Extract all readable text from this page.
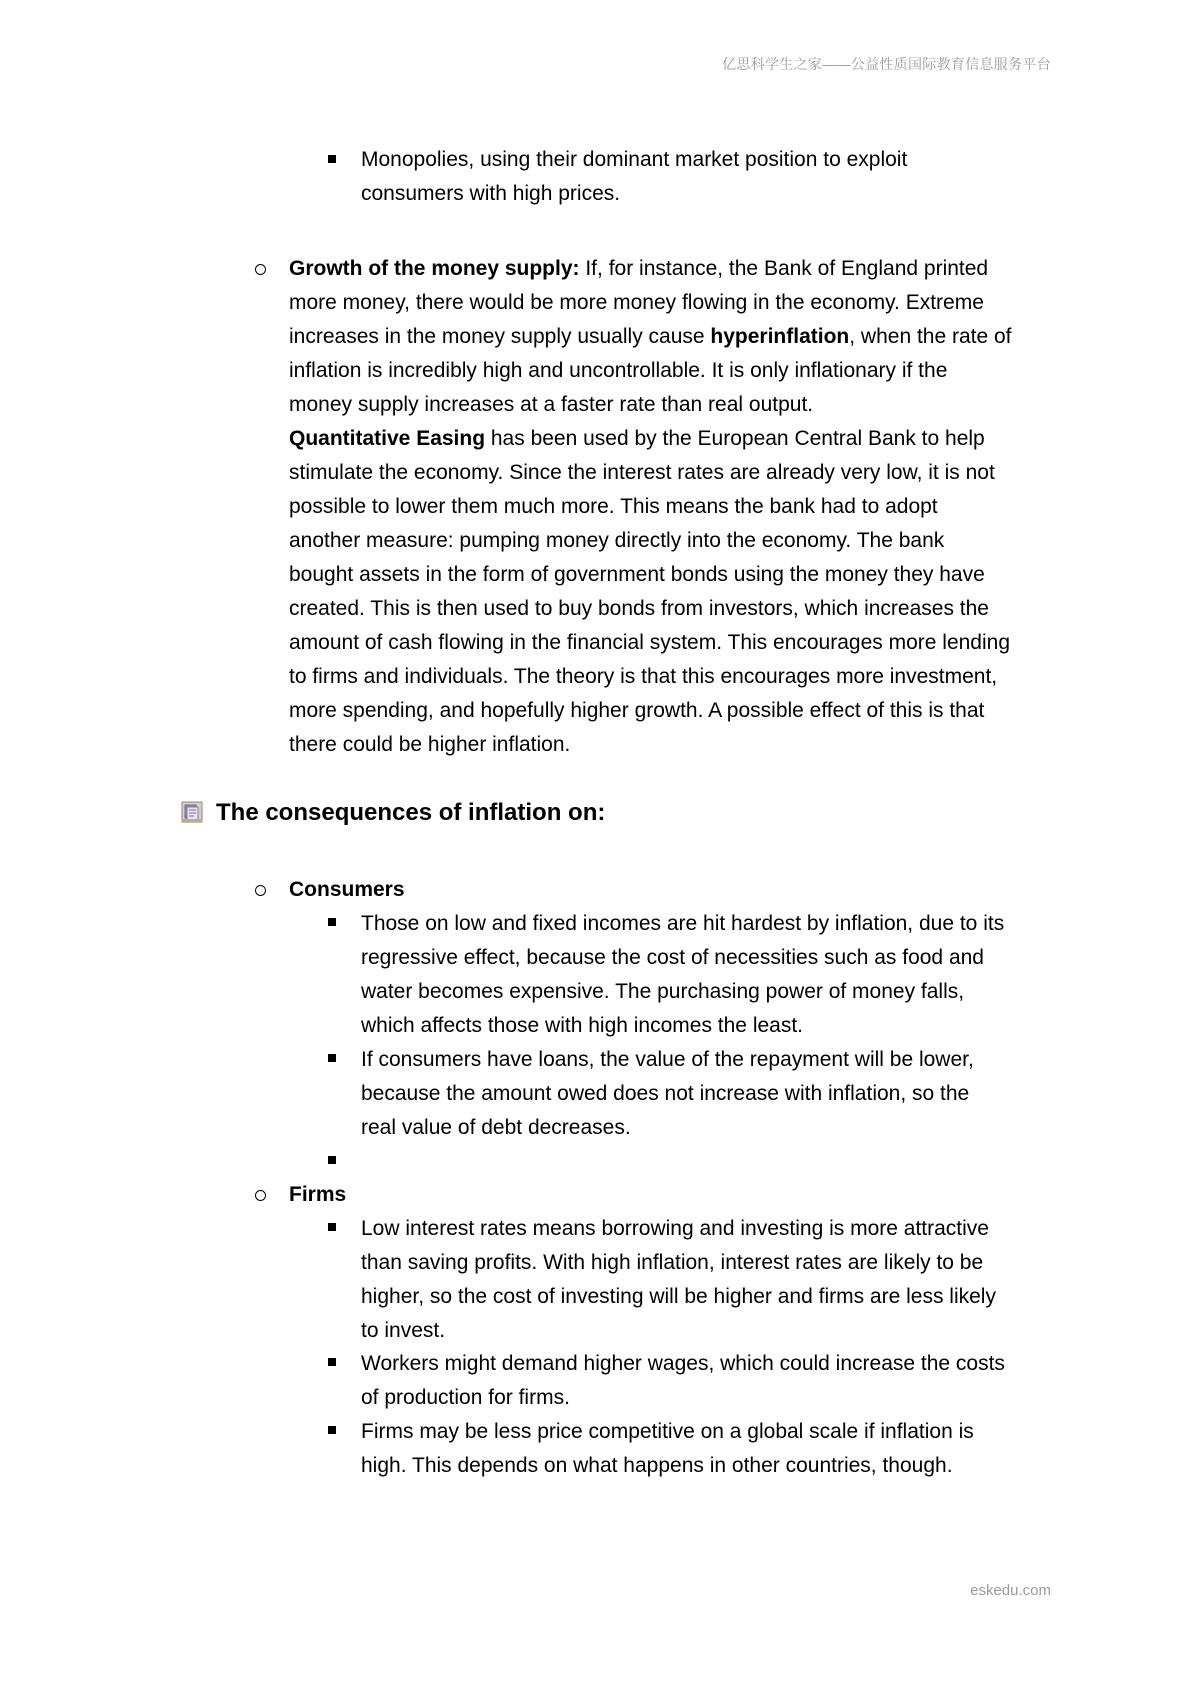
亿思科学生之家——公益性质国际教育信息服务平台
Monopolies, using their dominant market position to exploit
consumers with high prices.
Growth of the money supply: If, for instance, the Bank of England printed
more money, there would be more money flowing in the economy. Extreme
increases in the money supply usually cause hyperinflation, when the rate of
inflation is incredibly high and uncontrollable. It is only inflationary if the
money supply increases at a faster rate than real output.
Quantitative Easing has been used by the European Central Bank to help
stimulate the economy. Since the interest rates are already very low, it is not
possible to lower them much more. This means the bank had to adopt
another measure: pumping money directly into the economy. The bank
bought assets in the form of government bonds using the money they have
created. This is then used to buy bonds from investors, which increases the
amount of cash flowing in the financial system. This encourages more lending
to firms and individuals. The theory is that this encourages more investment,
more spending, and hopefully higher growth. A possible effect of this is that
there could be higher inflation.
The consequences of inflation on:
Consumers
Those on low and fixed incomes are hit hardest by inflation, due to its
regressive effect, because the cost of necessities such as food and
water becomes expensive. The purchasing power of money falls,
which affects those with high incomes the least.
If consumers have loans, the value of the repayment will be lower,
because the amount owed does not increase with inflation, so the
real value of debt decreases.
Firms
Low interest rates means borrowing and investing is more attractive
than saving profits. With high inflation, interest rates are likely to be
higher, so the cost of investing will be higher and firms are less likely
to invest.
Workers might demand higher wages, which could increase the costs
of production for firms.
Firms may be less price competitive on a global scale if inflation is
high. This depends on what happens in other countries, though.
eskedu.com
